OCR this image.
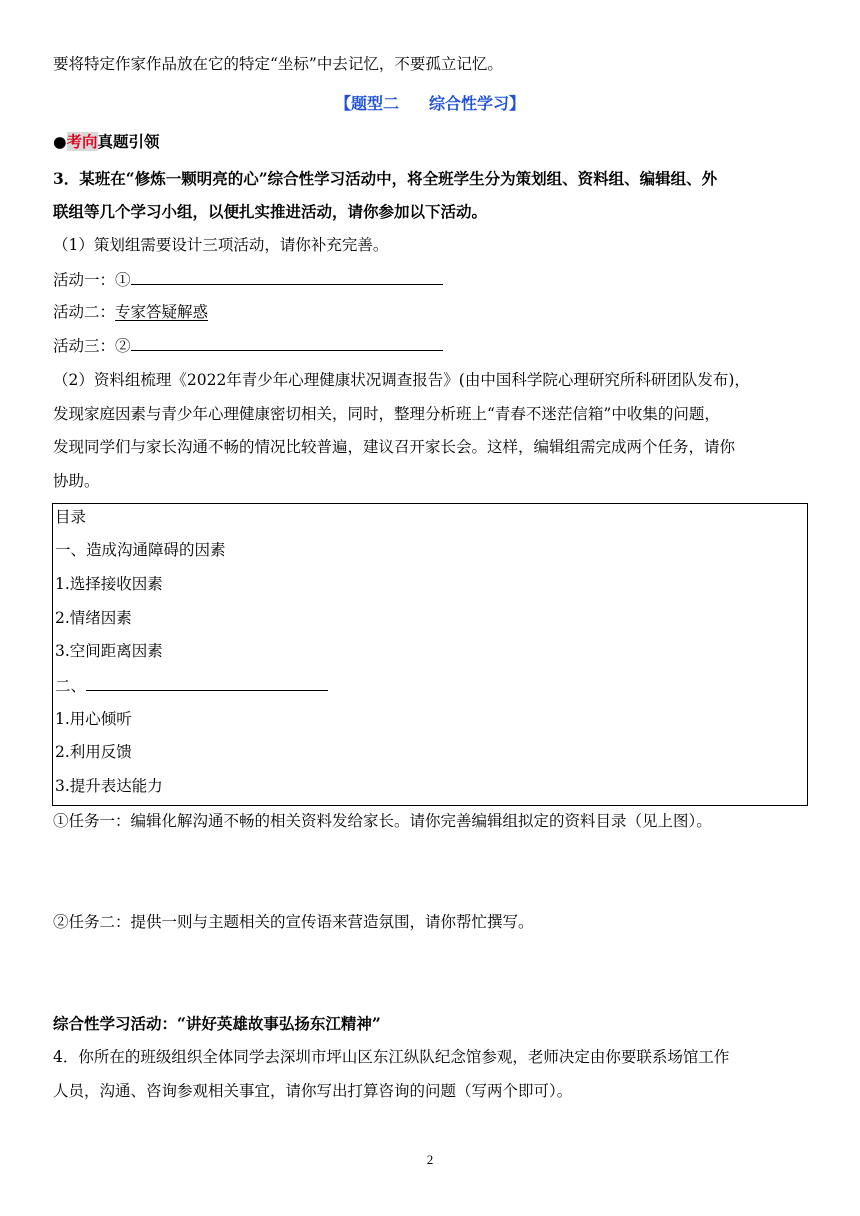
要将特定作家作品放在它的特定“坐标”中去记忆，不要孤立记忆。
【题型二 综合性学习】
●考向真题引领
3．某班在“修炼一颗明亮的心”综合性学习活动中，将全班学生分为策划组、资料组、编辑组、外
联组等几个学习小组，以便扎实推进活动，请你参加以下活动。
（1）策划组需要设计三项活动，请你补充完善。
活动一：①
活动二：专家答疑解惑
活动三：②
（2）资料组梳理《2022年青少年心理健康状况调查报告》(由中国科学院心理研究所科研团队发布)，
发现家庭因素与青少年心理健康密切相关，同时，整理分析班上“青春不迷茫信箱”中收集的问题，
发现同学们与家长沟通不畅的情况比较普遍，建议召开家长会。这样，编辑组需完成两个任务，请你
协助。
目录
一、造成沟通障碍的因素
1.选择接收因素
2.情绪因素
3.空间距离因素
二、
1.用心倾听
2.利用反馈
3.提升表达能力
①任务一：编辑化解沟通不畅的相关资料发给家长。请你完善编辑组拟定的资料目录（见上图）。
②任务二：提供一则与主题相关的宣传语来营造氛围，请你帮忙撰写。
综合性学习活动：“讲好英雄故事弘扬东江精神”
4．你所在的班级组织全体同学去深圳市坪山区东江纵队纪念馆参观，老师决定由你要联系场馆工作
人员，沟通、咨询参观相关事宜，请你写出打算咨询的问题（写两个即可）。
2
